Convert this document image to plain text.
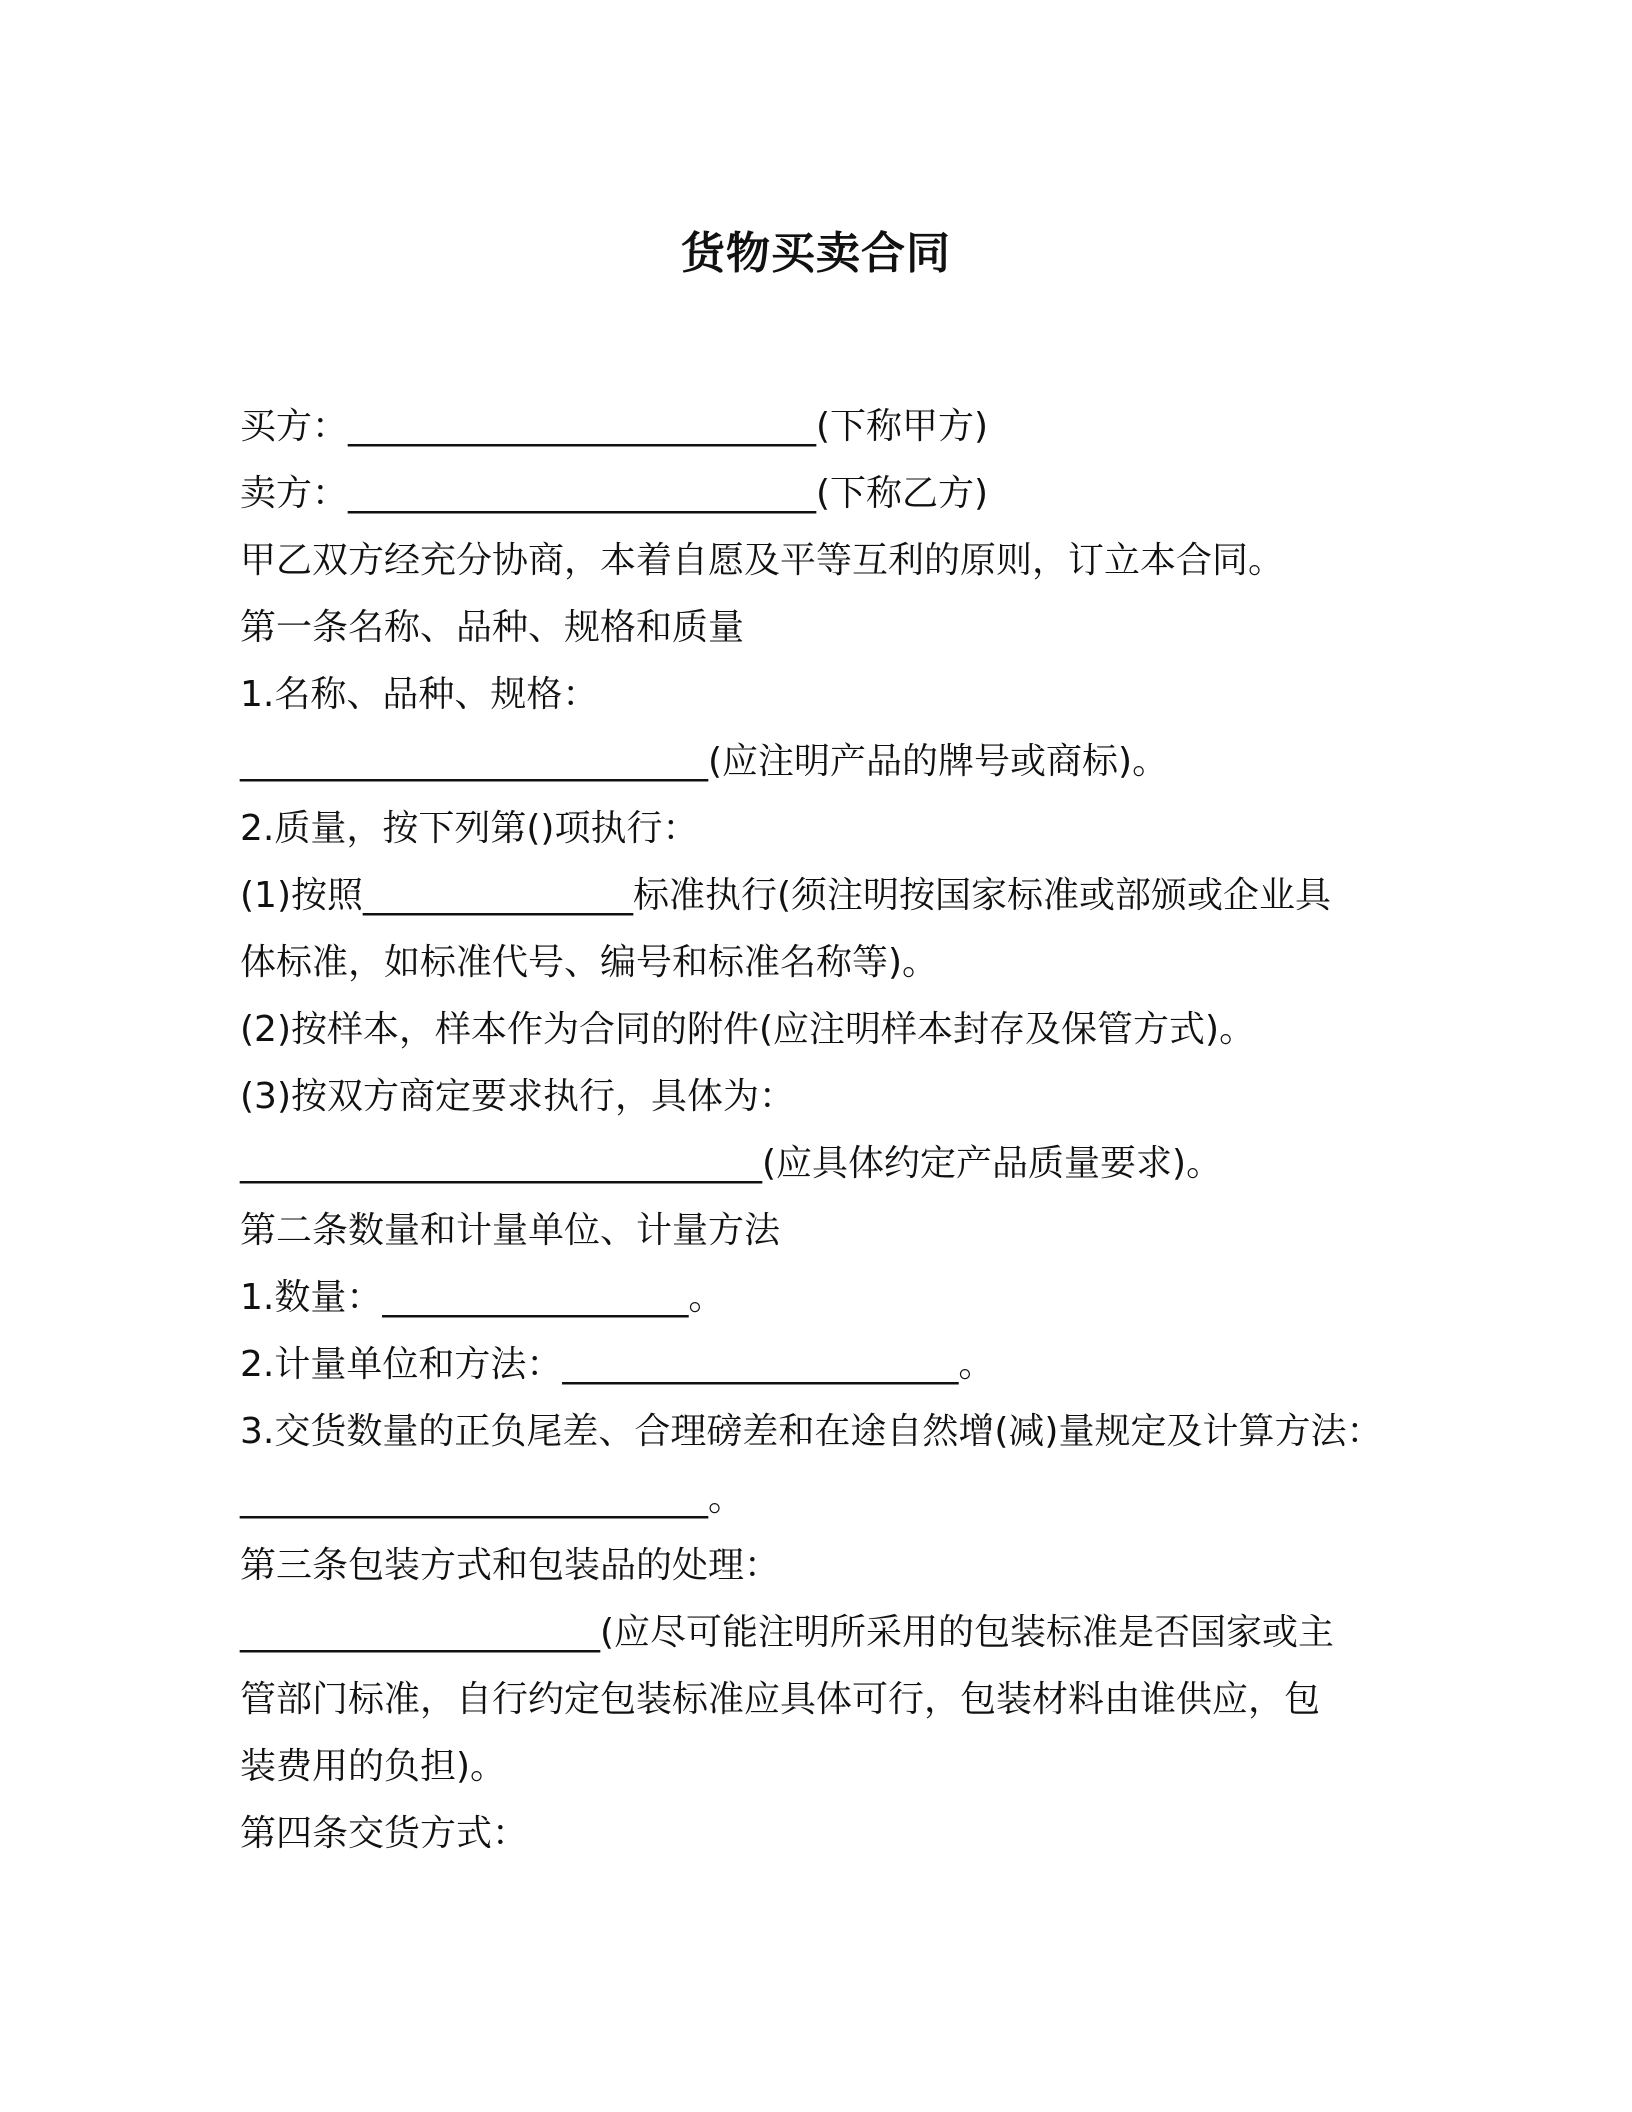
货物买卖合同
买方：__________________________(下称甲方)
卖方：__________________________(下称乙方)
甲乙双方经充分协商，本着自愿及平等互利的原则，订立本合同。
第一条名称、品种、规格和质量
1.名称、品种、规格：
__________________________(应注明产品的牌号或商标)。
2.质量，按下列第()项执行：
(1)按照_______________标准执行(须注明按国家标准或部颁或企业具
体标准，如标准代号、编号和标准名称等)。
(2)按样本，样本作为合同的附件(应注明样本封存及保管方式)。
(3)按双方商定要求执行，具体为：
_____________________________(应具体约定产品质量要求)。
第二条数量和计量单位、计量方法
1.数量：_________________。
2.计量单位和方法：______________________。
3.交货数量的正负尾差、合理磅差和在途自然增(减)量规定及计算方法：
__________________________。
第三条包装方式和包装品的处理：
____________________(应尽可能注明所采用的包装标准是否国家或主
管部门标准，自行约定包装标准应具体可行，包装材料由谁供应，包
装费用的负担)。
第四条交货方式：
